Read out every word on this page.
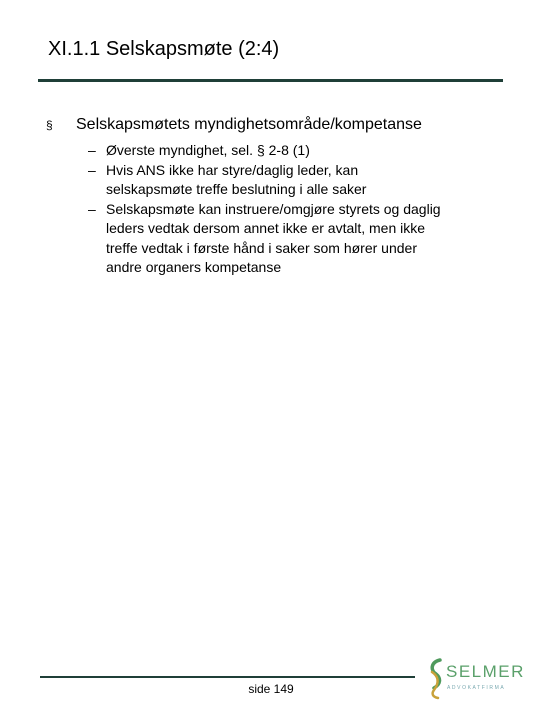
XI.1.1 Selskapsmøte (2:4)
§ Selskapsmøtets myndighetsområde/kompetanse
– Øverste myndighet, sel. § 2-8 (1)
– Hvis ANS ikke har styre/daglig leder, kan
selskapsmøte treffe beslutning i alle saker
– Selskapsmøte kan instruere/omgjøre styrets og daglig
leders vedtak dersom annet ikke er avtalt, men ikke
treffe vedtak i første hånd i saker som hører under
andre organers kompetanse
side 149
SELMER
ADVOKATFIRMA
